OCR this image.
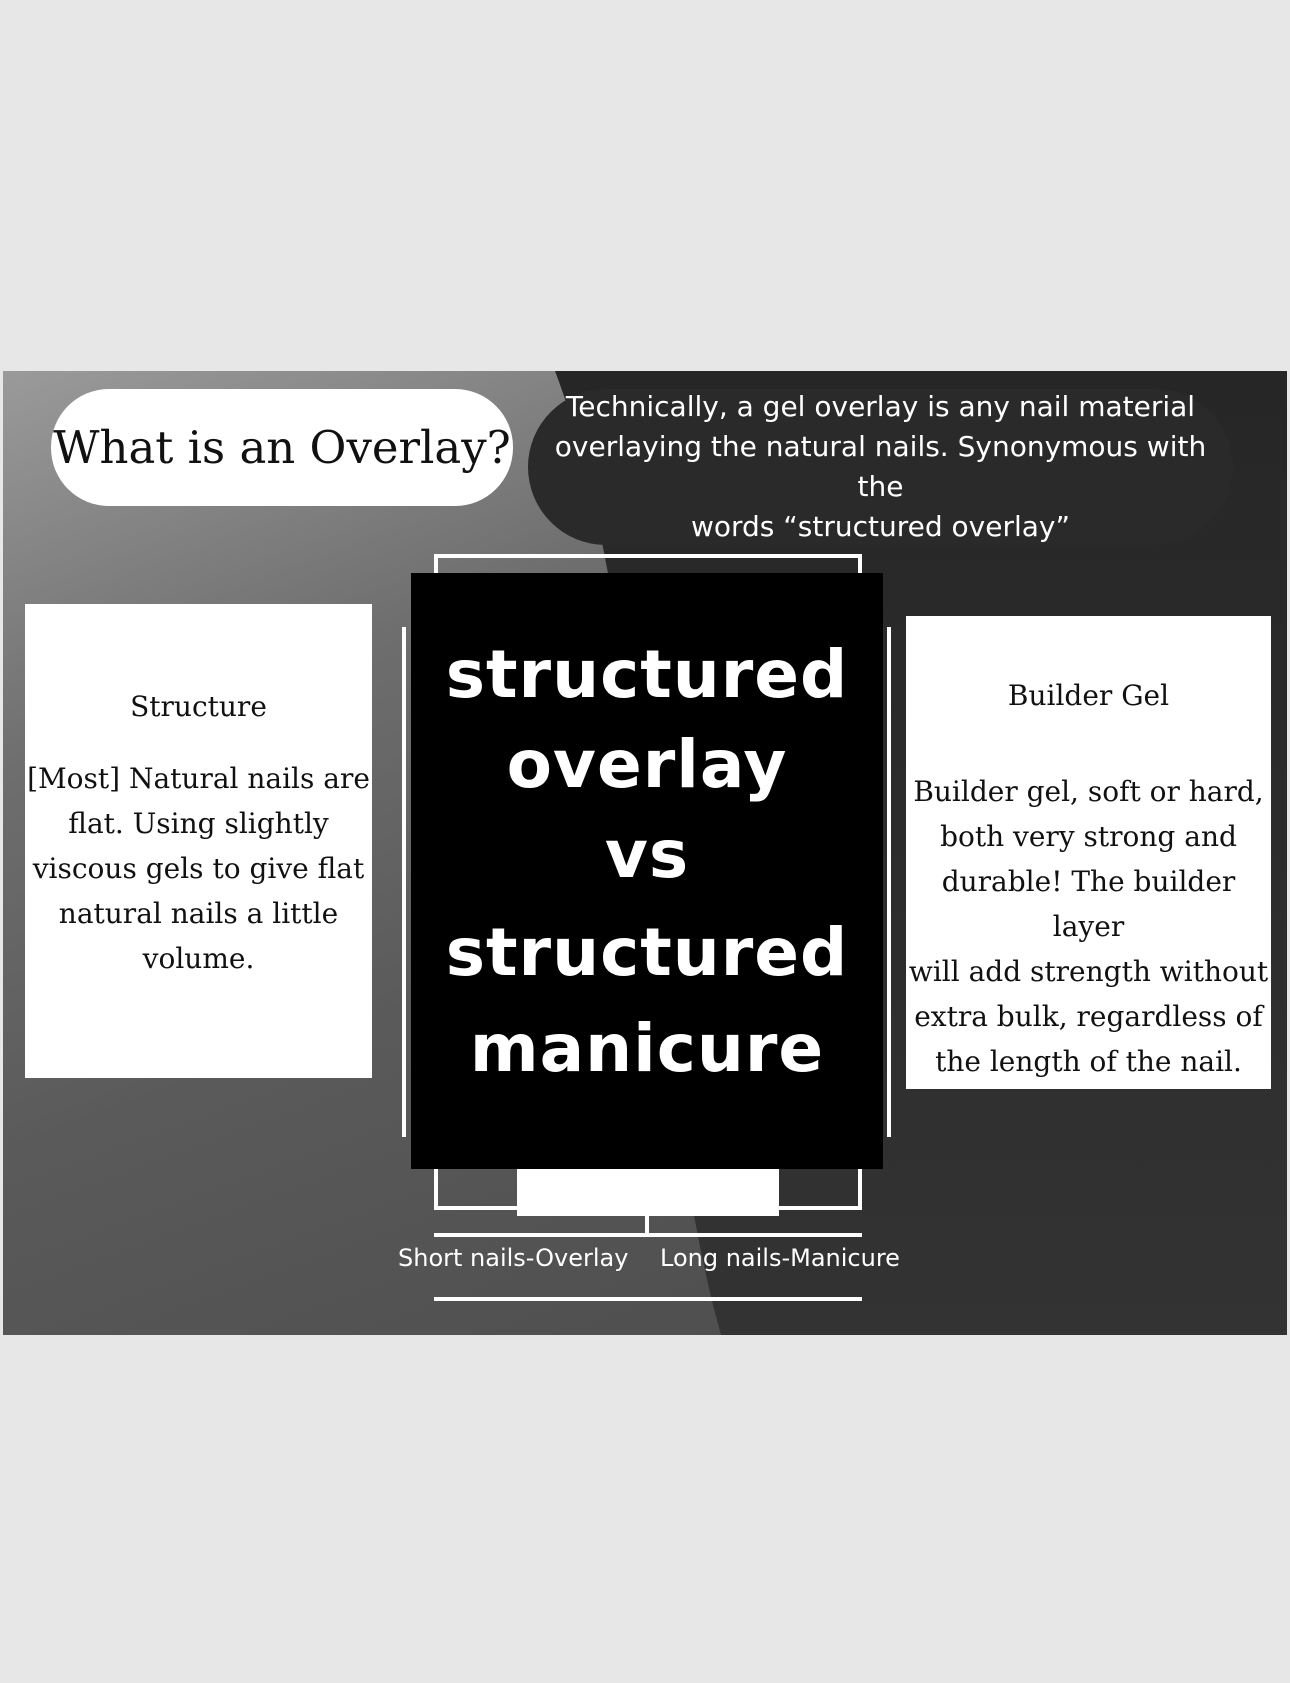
What is an Overlay?
Technically, a gel overlay is any nail material
overlaying the natural nails. Synonymous with the
words “structured overlay”
structured
overlay
vs
structured
manicure
Structure
[Most] Natural nails are
flat. Using slightly
viscous gels to give flat
natural nails a little
volume.
Builder Gel
Builder gel, soft or hard,
both very strong and
durable! The builder layer
will add strength without
extra bulk, regardless of
the length of the nail.
Short nails-Overlay Long nails-Manicure
